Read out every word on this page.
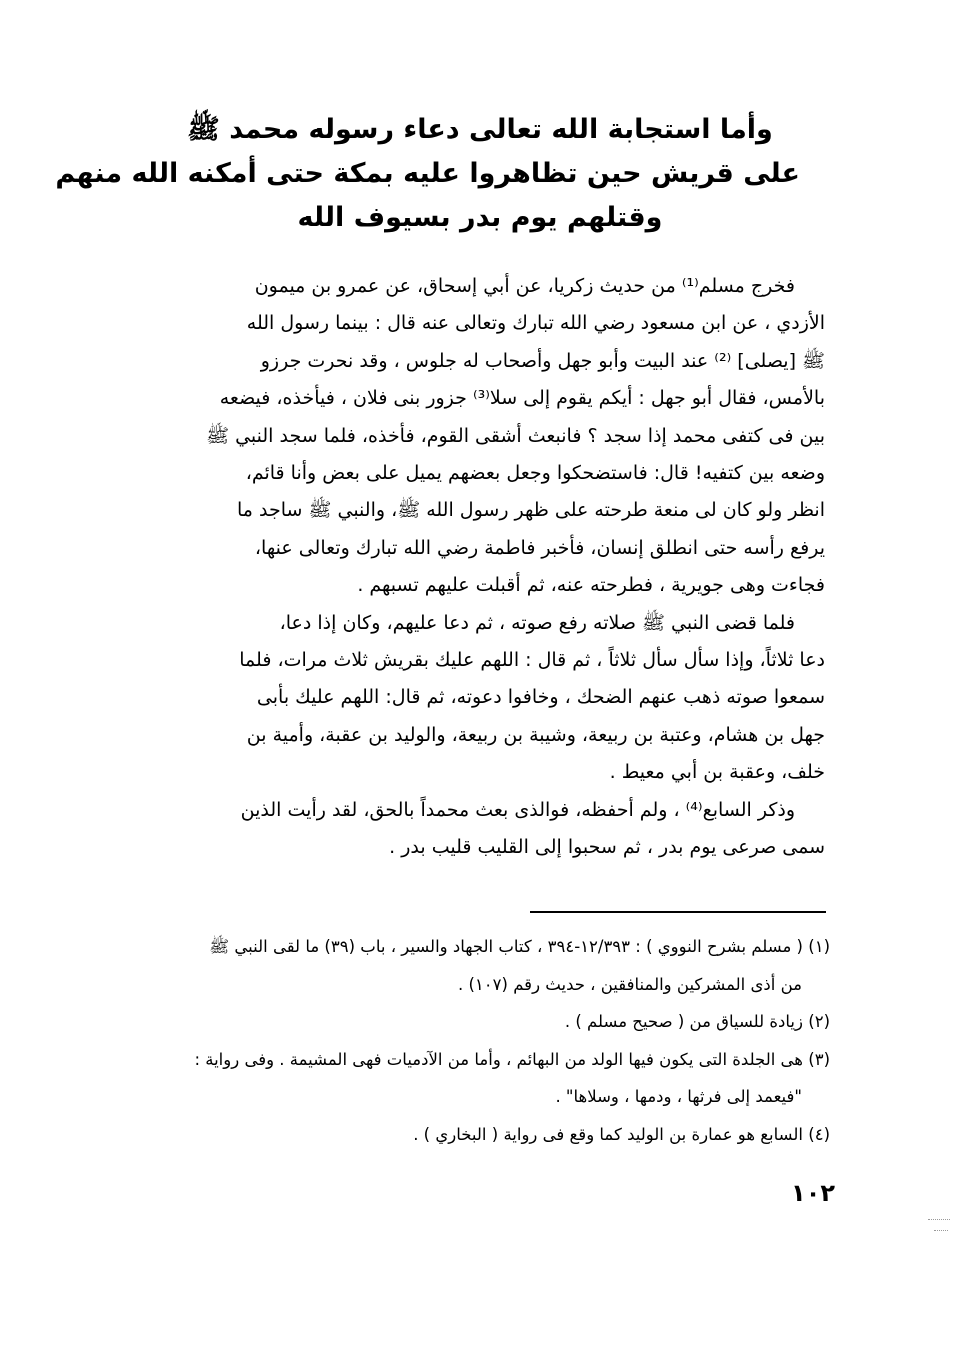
وأما استجابة الله تعالى دعاء رسوله محمد ﷺ
على قريش حين تظاهروا عليه بمكة حتى أمكنه الله منهم
وقتلهم يوم بدر بسيوف الله
فخرج مسلم⁽¹⁾ من حديث زكريا، عن أبي إسحاق، عن عمرو بن ميمون
الأزدي ، عن ابن مسعود رضي الله تبارك وتعالى عنه قال : بينما رسول الله
ﷺ [يصلى] ⁽²⁾ عند البيت وأبو جهل وأصحاب له جلوس ، وقد نحرت جرزو
بالأمس، فقال أبو جهل : أيكم يقوم إلى سلا⁽³⁾ جزور بنى فلان ، فيأخذه، فيضعه
بين فى كتفى محمد إذا سجد ؟ فانبعث أشقى القوم، فأخذه، فلما سجد النبي ﷺ
وضعه بين كتفيه! قال: فاستضحكوا وجعل بعضهم يميل على بعض وأنا قائم،
انظر ولو كان لى منعة طرحته على ظهر رسول الله ﷺ، والنبي ﷺ ساجد ما
يرفع رأسه حتى انطلق إنسان، فأخبر فاطمة رضي الله تبارك وتعالى عنها،
فجاءت وهى جويرية ، فطرحته عنه، ثم أقبلت عليهم تسبهم .
فلما قضى النبي ﷺ صلاته رفع صوته ، ثم دعا عليهم، وكان إذا دعا،
دعا ثلاثاً، وإذا سأل سأل ثلاثاً ، ثم قال : اللهم عليك بقريش ثلاث مرات، فلما
سمعوا صوته ذهب عنهم الضحك ، وخافوا دعوته، ثم قال: اللهم عليك بأبى
جهل بن هشام، وعتبة بن ربيعة، وشيبة بن ربيعة، والوليد بن عقبة، وأمية بن
خلف، وعقبة بن أبي معيط .
وذكر السابع⁽⁴⁾ ، ولم أحفظه، فوالذى بعث محمداً بالحق، لقد رأيت الذين
سمى صرعى يوم بدر ، ثم سحبوا إلى القليب قليب بدر .
(١) ( مسلم بشرح النووي ) : ١٢/٣٩٣-٣٩٤ ، كتاب الجهاد والسير ، باب (٣٩) ما لقى النبي ﷺ
من أذى المشركين والمنافقين ، حديث رقم (١٠٧) .
(٢) زيادة للسياق من ( صحيح مسلم ) .
(٣) هى الجلدة التى يكون فيها الولد من البهائم ، وأما من الآدميات فهى المشيمة . وفى رواية :
"فيعمد إلى فرثها ، ودمها ، وسلاها" .
(٤) السابع هو عمارة بن الوليد كما وقع فى رواية ( البخاري ) .
١٠٢
